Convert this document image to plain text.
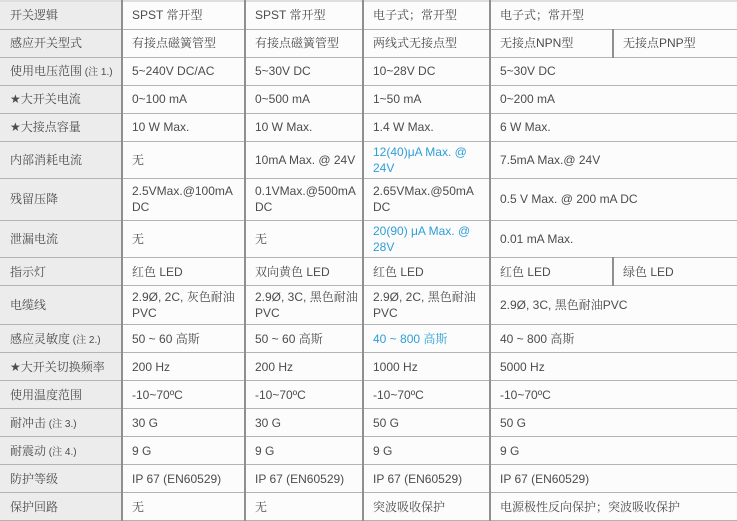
开关逻辑	SPST 常开型	SPST 常开型	电子式；常开型	电子式；常开型	
感应开关型式	有接点磁簧管型	有接点磁簧管型	两线式无接点型	无接点NPN型	无接点PNP型
使用电压范围 (注 1.)	5~240V DC/AC	5~30V DC	10~28V DC	5~30V DC	
★大开关电流	0~100 mA	0~500 mA	1~50 mA	0~200 mA	
★大接点容量	10 W Max.	10 W Max.	1.4 W Max.	6 W Max.	
内部消耗电流	无	10mA Max. @ 24V	12(40)μA Max. @ 24V	7.5mA Max.@ 24V	
残留压降	2.5VMax.@100mA DC	0.1VMax.@500mA DC	2.65VMax.@50mA DC	0.5 V Max. @ 200 mA DC	
泄漏电流	无	无	20(90) μA Max. @ 28V	0.01 mA Max.	
指示灯	红色 LED	双向黄色 LED	红色 LED	红色 LED	绿色 LED
电缆线	2.9Ø, 2C, 灰色耐油 PVC	2.9Ø, 3C, 黑色耐油 PVC	2.9Ø, 2C, 黑色耐油 PVC	2.9Ø, 3C, 黑色耐油PVC	
感应灵敏度 (注 2.)	50 ~ 60 高斯	50 ~ 60 高斯	40 ~ 800 高斯	40 ~ 800 高斯	
★大开关切换频率	200 Hz	200 Hz	1000 Hz	5000 Hz	
使用温度范围	-10~70ºC	-10~70ºC	-10~70ºC	-10~70ºC	
耐冲击 (注 3.)	30 G	30 G	50 G	50 G	
耐震动 (注 4.)	9 G	9 G	9 G	9 G	
防护等级	IP 67 (EN60529)	IP 67 (EN60529)	IP 67 (EN60529)	IP 67 (EN60529)	
保护回路	无	无	突波吸收保护	电源极性反向保护；突波吸收保护	
